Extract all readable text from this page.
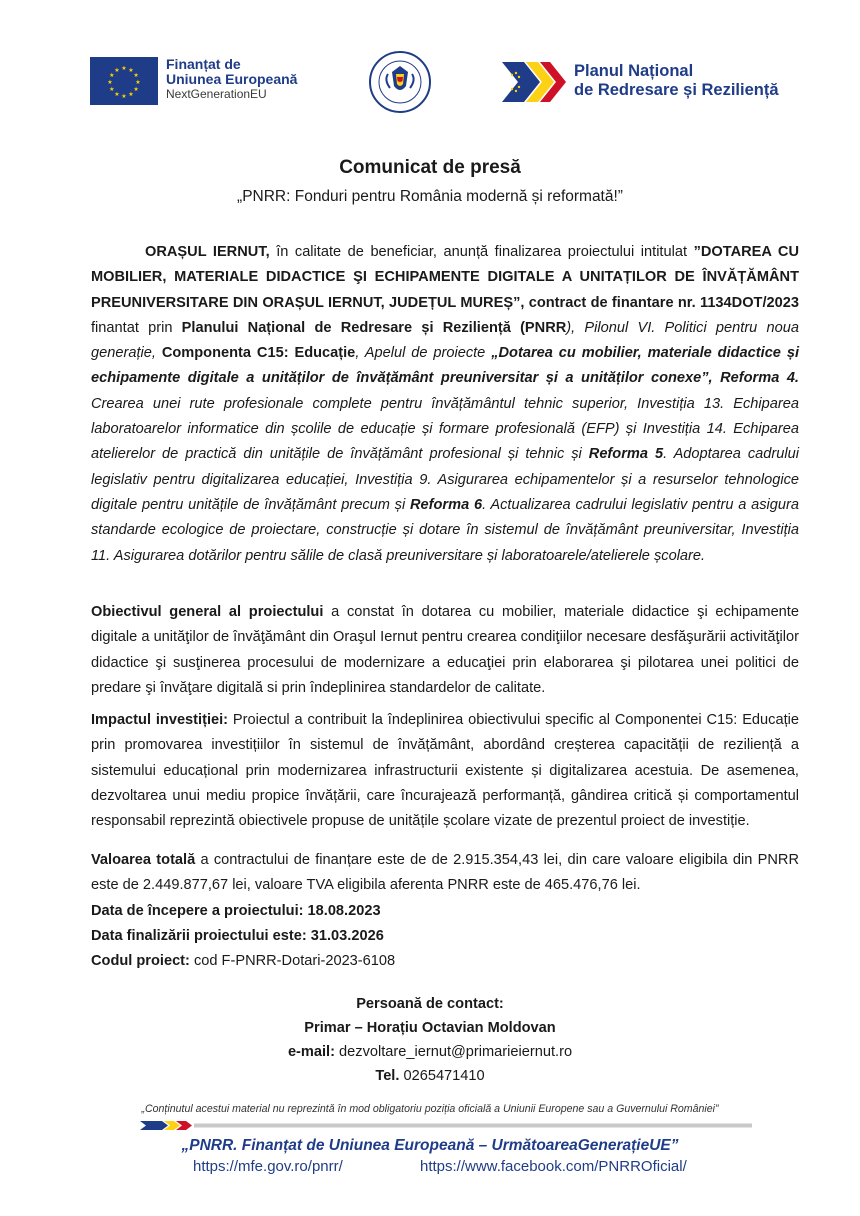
★ ★
★
★
★
★
★
★
★
★
★
★	Finanțat de
Uniunea Europeană
NextGenerationEU
Planul Național
de Redresare și Reziliență
Comunicat de presă
„PNRR: Fonduri pentru România modernă și reformată!”
ORAȘUL IERNUT, în calitate de beneficiar, anunță finalizarea proiectului intitulat ”DOTAREA CU MOBILIER, MATERIALE DIDACTICE ŞI ECHIPAMENTE DIGITALE A UNITAȚILOR DE ÎNVĂȚĂMÂNT PREUNIVERSITARE DIN ORAȘUL IERNUT, JUDEȚUL MUREȘ”, contract de finantare nr. 1134DOT/2023 finantat prin Planului Național de Redresare și Reziliență (PNRR), Pilonul VI. Politici pentru noua generație, Componenta C15: Educație, Apelul de proiecte „Dotarea cu mobilier, materiale didactice și echipamente digitale a unităților de învățământ preuniversitar și a unităților conexe”, Reforma 4. Crearea unei rute profesionale complete pentru învățământul tehnic superior, Investiția 13. Echiparea laboratoarelor informatice din școlile de educație și formare profesională (EFP) și Investiția 14. Echiparea atelierelor de practică din unitățile de învățământ profesional și tehnic și Reforma 5. Adoptarea cadrului legislativ pentru digitalizarea educației, Investiția 9. Asigurarea echipamentelor și a resurselor tehnologice digitale pentru unitățile de învățământ precum și Reforma 6. Actualizarea cadrului legislativ pentru a asigura standarde ecologice de proiectare, construcție și dotare în sistemul de învățământ preuniversitar, Investiția 11. Asigurarea dotărilor pentru sălile de clasă preuniversitare și laboratoarele/atelierele școlare.
Obiectivul general al proiectului a constat în dotarea cu mobilier, materiale didactice şi echipamente digitale a unităţilor de învăţământ din Oraşul Iernut pentru crearea condiţiilor necesare desfăşurării activităţilor didactice şi susţinerea procesului de modernizare a educaţiei prin elaborarea şi pilotarea unei politici de predare şi învăţare digitală si prin îndeplinirea standardelor de calitate.
Impactul investiției: Proiectul a contribuit la îndeplinirea obiectivului specific al Componentei C15: Educație prin promovarea investițiilor în sistemul de învățământ, abordând creșterea capacității de reziliență a sistemului educațional prin modernizarea infrastructurii existente și digitalizarea acestuia. De asemenea, dezvoltarea unui mediu propice învățării, care încurajează performanță, gândirea critică și comportamentul responsabil reprezintă obiectivele propuse de unitățile școlare vizate de prezentul proiect de investiție.
Valoarea totală a contractului de finanțare este de de 2.915.354,43 lei, din care valoare eligibila din PNRR este de 2.449.877,67 lei, valoare TVA eligibila aferenta PNRR este de 465.476,76 lei.
Data de începere a proiectului: 18.08.2023
Data finalizării proiectului este: 31.03.2026
Codul proiect: cod F-PNRR-Dotari-2023-6108
Persoană de contact:
Primar – Horațiu Octavian Moldovan
e-mail: dezvoltare_iernut@primarieiernut.ro
Tel. 0265471410
„Conținutul acestui material nu reprezintă în mod obligatoriu poziția oficială a Uniunii Europene sau a Guvernului României”
„PNRR. Finanțat de Uniunea Europeană – UrmătoareaGenerațieUE”
https://mfe.gov.ro/pnrr/	https://www.facebook.com/PNRROficial/
